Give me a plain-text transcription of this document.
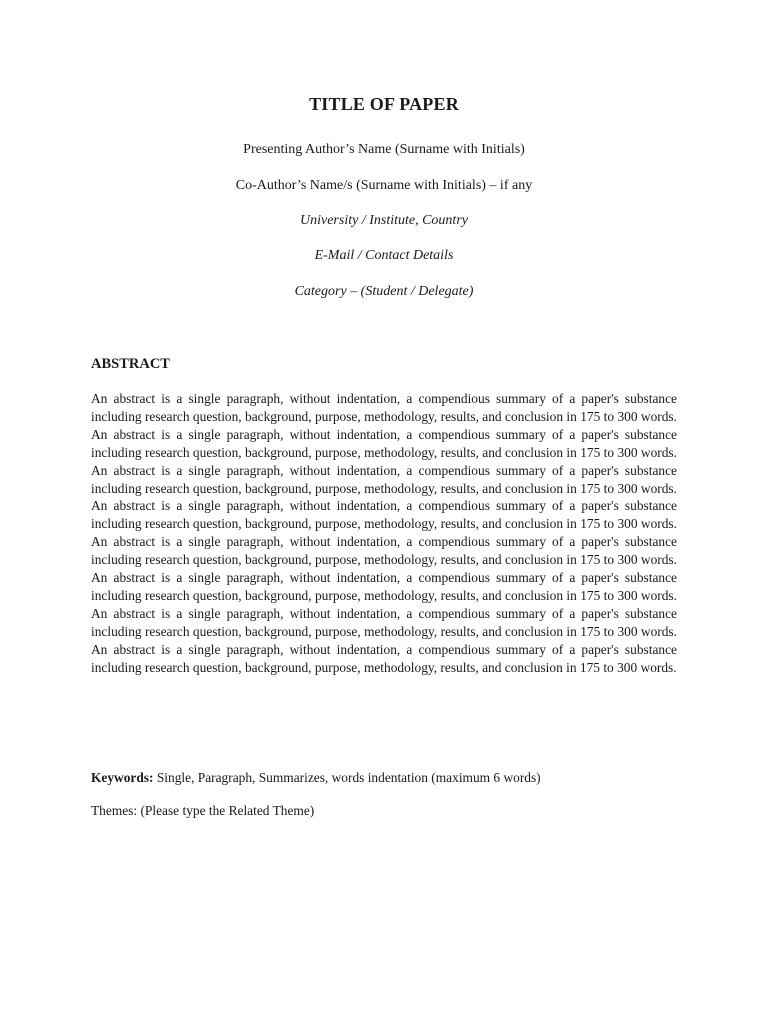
TITLE OF PAPER
Presenting Author’s Name (Surname with Initials)
Co-Author’s Name/s (Surname with Initials) – if any
University / Institute, Country
E-Mail / Contact Details
Category – (Student / Delegate)
ABSTRACT
An abstract is a single paragraph, without indentation, a compendious summary of a paper's substance including research question, background, purpose, methodology, results, and conclusion in 175 to 300 words. An abstract is a single paragraph, without indentation, a compendious summary of a paper's substance including research question, background, purpose, methodology, results, and conclusion in 175 to 300 words. An abstract is a single paragraph, without indentation, a compendious summary of a paper's substance including research question, background, purpose, methodology, results, and conclusion in 175 to 300 words. An abstract is a single paragraph, without indentation, a compendious summary of a paper's substance including research question, background, purpose, methodology, results, and conclusion in 175 to 300 words. An abstract is a single paragraph, without indentation, a compendious summary of a paper's substance including research question, background, purpose, methodology, results, and conclusion in 175 to 300 words. An abstract is a single paragraph, without indentation, a compendious summary of a paper's substance including research question, background, purpose, methodology, results, and conclusion in 175 to 300 words. An abstract is a single paragraph, without indentation, a compendious summary of a paper's substance including research question, background, purpose, methodology, results, and conclusion in 175 to 300 words. An abstract is a single paragraph, without indentation, a compendious summary of a paper's substance including research question, background, purpose, methodology, results, and conclusion in 175 to 300 words.
Keywords: Single, Paragraph, Summarizes, words indentation (maximum 6 words)
Themes: (Please type the Related Theme)
